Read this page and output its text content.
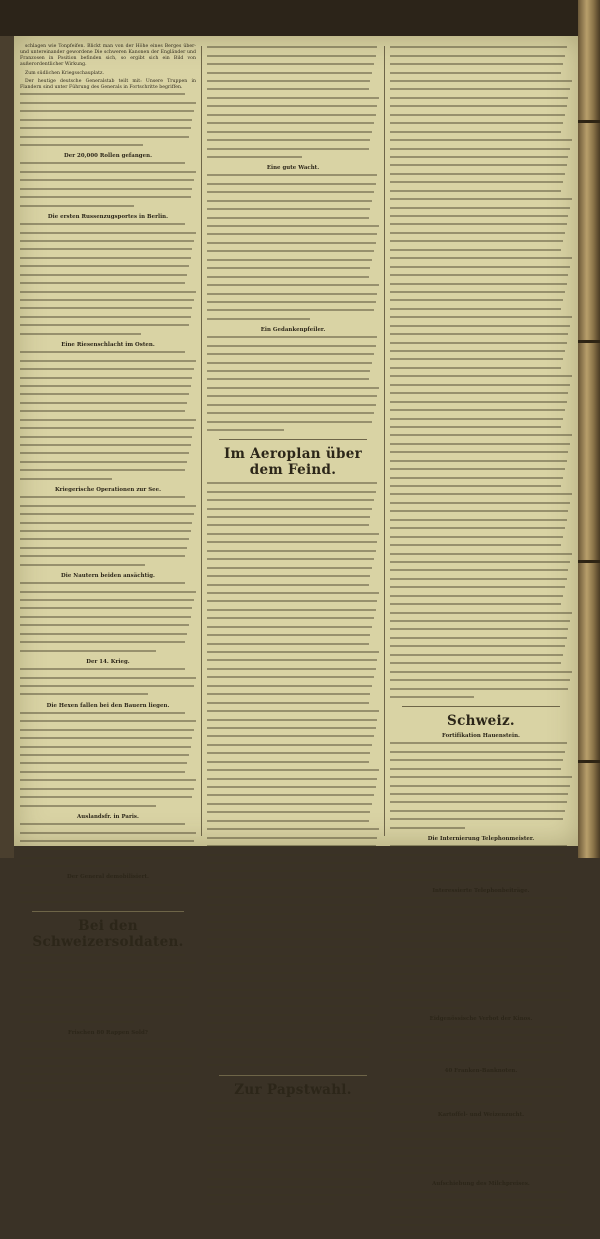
schlagen wie Tonpfeifen. Blickt man von der Höhe eines Berges über- und untereinander gewordene Die schweren Kanonen der Engländer und Franzosen in Position befinden sich, so ergibt sich ein Bild von außerordentlicher Wirkung.
Zum südlichen Kriegsschauplatz.
Der heutige deutsche Generalstab teilt mit: Unsere Truppen in Flandern sind unter Führung des Generals in Fortschritte begriffen.
Der 20,000 Rollen gefangen.
Die ersten Russenzugsportes in Berlin.
Eine Riesenschlacht im Osten.
Kriegerische Operationen zur See.
Die Nautern beiden ansächtig.
Der 14. Krieg.
Die Hexen fallen bei den Bauern liegen.
Auslandsfr. in Paris.
Der General demobilisiert.
Bei den Schweizersoldaten.
Frischen 80 Rappen Sold?
Eine gute Wacht.
Ein Gedankenpfeiler.
Im Aeroplan über dem Feind.
Zur Papstwahl.
Schweiz.
Fortifikation Hauenstein.
Die Internierung Telephonmeister.
Interessierte Telephonbeiträge.
Eidgenössische Verbot der Kinos.
40 Franken-Banknoten.
Kartoffel- und Weizenzucht.
Aufschiebung des Milchpreises.
